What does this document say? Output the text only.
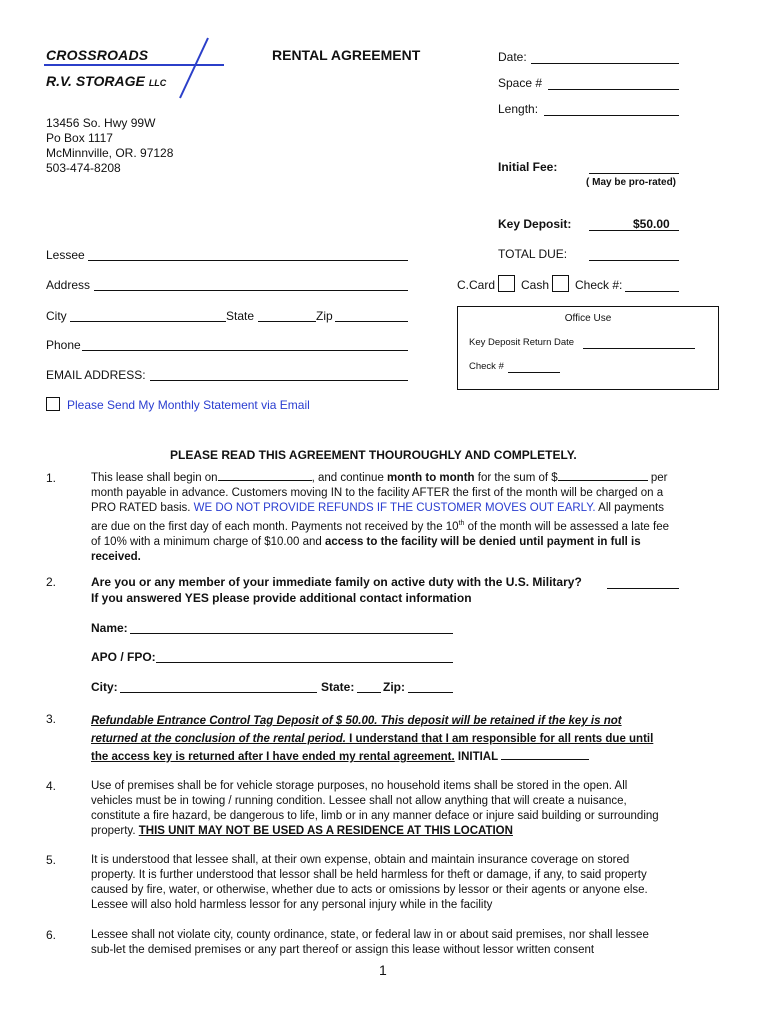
CROSSROADS
R.V. STORAGE LLC
RENTAL AGREEMENT
13456 So. Hwy 99W
Po Box 1117
McMinnville, OR. 97128
503-474-8208
Date:
Space #
Length:
Initial Fee:
( May be pro-rated)
Key Deposit:	$50.00
TOTAL DUE:
C.Card Cash Check #:
Lessee
Address
City	State	Zip
Phone
EMAIL ADDRESS:
Office Use
Key Deposit Return Date
Check #
Please Send My Monthly Statement via Email
PLEASE READ THIS AGREEMENT THOUROUGHLY AND COMPLETELY.
1.	This lease shall begin on	, and continue month to month for the sum of $	per
month payable in advance. Customers moving IN to the facility AFTER the first of the month will be charged on a
PRO RATED basis. WE DO NOT PROVIDE REFUNDS IF THE CUSTOMER MOVES OUT EARLY. All payments
are due on the first day of each month. Payments not received by the 10th of the month will be assessed a late fee
of 10% with a minimum charge of $10.00 and access to the facility will be denied until payment in full is
received.
2.	Are you or any member of your immediate family on active duty with the U.S. Military?
If you answered YES please provide additional contact information
Name:
APO / FPO:
City:	State: Zip:
3.	Refundable Entrance Control Tag Deposit of $ 50.00. This deposit will be retained if the key is not
returned at the conclusion of the rental period. I understand that I am responsible for all rents due until
the access key is returned after I have ended my rental agreement. INITIAL
4.	Use of premises shall be for vehicle storage purposes, no household items shall be stored in the open. All
vehicles must be in towing / running condition. Lessee shall not allow anything that will create a nuisance,
constitute a fire hazard, be dangerous to life, limb or in any manner deface or injure said building or surrounding
property. THIS UNIT MAY NOT BE USED AS A RESIDENCE AT THIS LOCATION
5.	It is understood that lessee shall, at their own expense, obtain and maintain insurance coverage on stored
property. It is further understood that lessor shall be held harmless for theft or damage, if any, to said property
caused by fire, water, or otherwise, whether due to acts or omissions by lessor or their agents or anyone else.
Lessee will also hold harmless lessor for any personal injury while in the facility
6.	Lessee shall not violate city, county ordinance, state, or federal law in or about said premises, nor shall lessee
sub-let the demised premises or any part thereof or assign this lease without lessor written consent
1
